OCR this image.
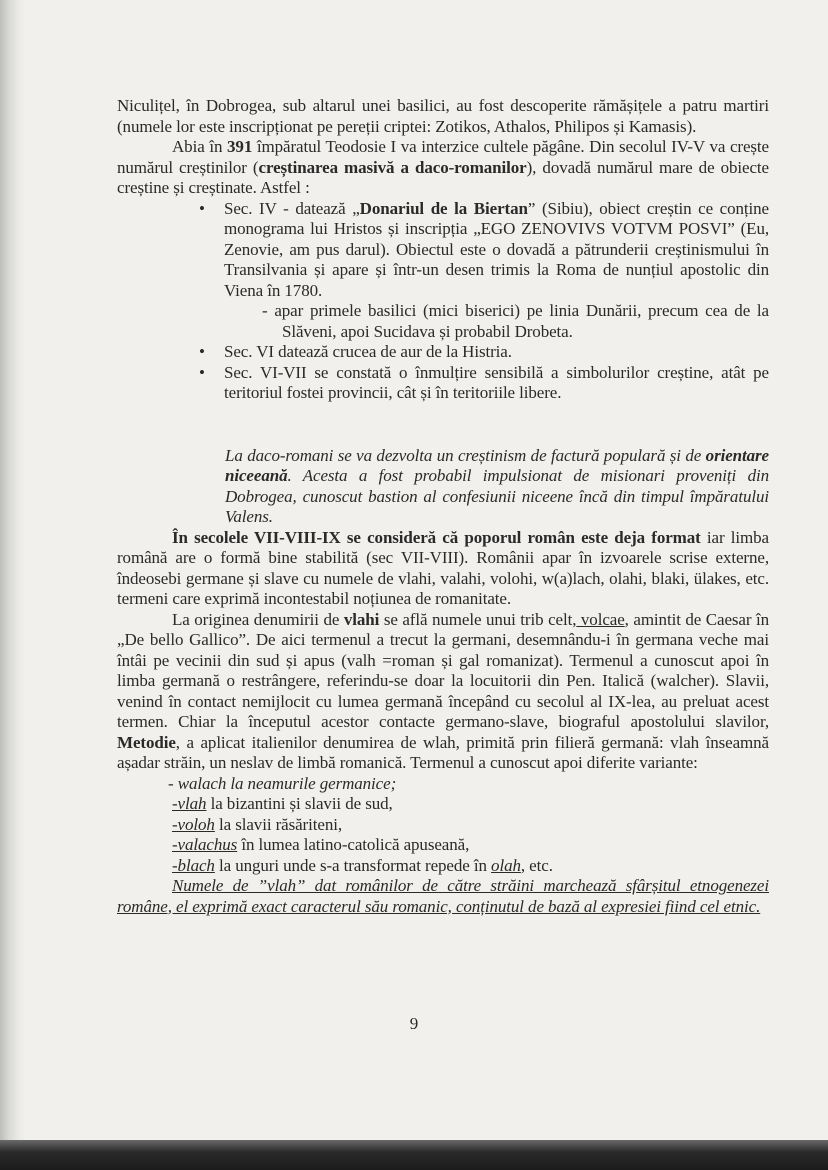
Niculițel, în Dobrogea, sub altarul unei basilici, au fost descoperite rămășițele a patru martiri (numele lor este inscripționat pe pereții criptei: Zotikos, Athalos, Philipos și Kamasis).

Abia în 391 împăratul Teodosie I va interzice cultele păgâne. Din secolul IV-V va crește numărul creștinilor (creștinarea masivă a daco-romanilor), dovadă numărul mare de obiecte creștine și creștinate. Astfel :

• Sec. IV - datează „Donariul de la Biertan” (Sibiu), obiect creștin ce conține monograma lui Hristos și inscripția „EGO ZENOVIVS VOTVM POSVI” (Eu, Zenovie, am pus darul). Obiectul este o dovadă a pătrunderii creștinismului în Transilvania și apare și într-un desen trimis la Roma de nunțiul apostolic din Viena în 1780.

- apar primele basilici (mici biserici) pe linia Dunării, precum cea de la Slăveni, apoi Sucidava și probabil Drobeta.

• Sec. VI datează crucea de aur de la Histria.
• Sec. VI-VII se constată o înmulțire sensibilă a simbolurilor creștine, atât pe teritoriul fostei provincii, cât și în teritoriile libere.

La daco-romani se va dezvolta un creștinism de factură populară și de orientare niceeană. Acesta a fost probabil impulsionat de misionari proveniți din Dobrogea, cunoscut bastion al confesiunii niceene încă din timpul împăratului Valens.

În secolele VII-VIII-IX se consideră că poporul român este deja format iar limba română are o formă bine stabilită (sec VII-VIII). Românii apar în izvoarele scrise externe, îndeosebi germane și slave cu numele de vlahi, valahi, volohi, w(a)lach, olahi, blaki, ülakes, etc. termeni care exprimă incontestabil noțiunea de romanitate.

La originea denumirii de vlahi se află numele unui trib celt, volcae, amintit de Caesar în „De bello Gallico”. De aici termenul a trecut la germani, desemnându-i în germana veche mai întâi pe vecinii din sud și apus (valh =roman și gal romanizat). Termenul a cunoscut apoi în limba germană o restrângere, referindu-se doar la locuitorii din Pen. Italică (walcher). Slavii, venind în contact nemijlocit cu lumea germană începând cu secolul al IX-lea, au preluat acest termen. Chiar la începutul acestor contacte germano-slave, biograful apostolului slavilor, Metodie, a aplicat italienilor denumirea de wlah, primită prin filieră germană: vlah înseamnă așadar străin, un neslav de limbă romanică. Termenul a cunoscut apoi diferite variante:

- walach la neamurile germanice;
-vlah la bizantini și slavii de sud,
-voloh la slavii răsăriteni,
-valachus în lumea latino-catolică apuseană,
-blach la unguri unde s-a transformat repede în olah, etc.

Numele de ”vlah” dat românilor de către străini marchează sfârșitul etnogenezei române, el exprimă exact caracterul său romanic, conținutul de bază al expresiei fiind cel etnic.

9
